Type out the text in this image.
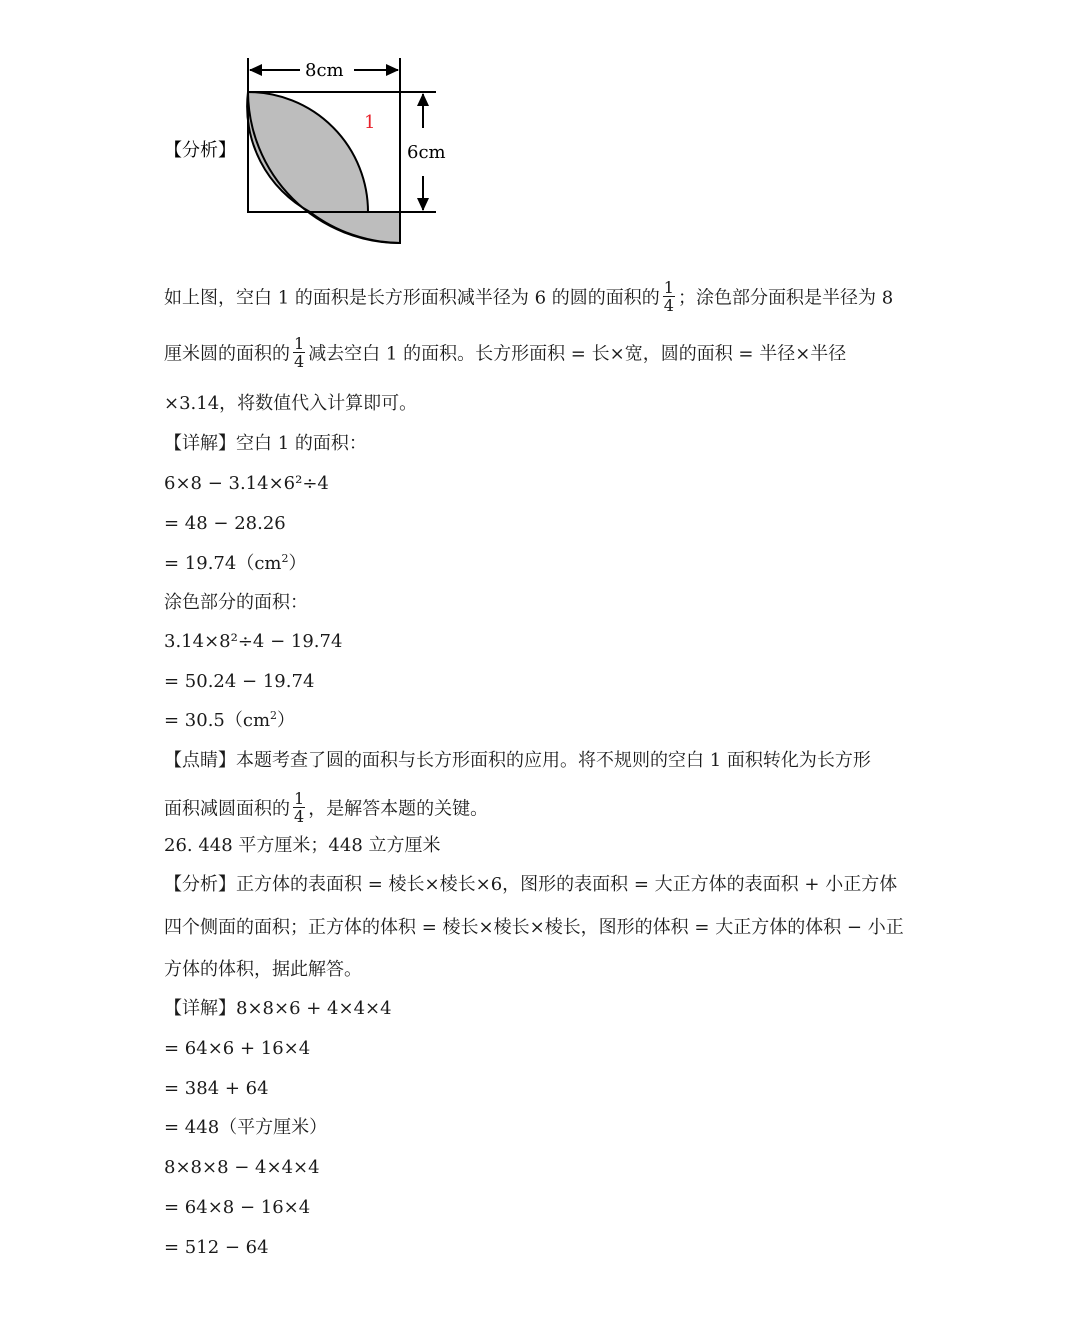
【分析】
8cm
6cm
1
如上图，空白 1 的面积是长方形面积减半径为 6 的圆的面积的 $\frac{1}{4}$ ；涂色部分面积是半径为 8
厘米圆的面积的 $\frac{1}{4}$ 减去空白 1 的面积。长方形面积 = 长×宽，圆的面积 = 半径×半径
×3.14，将数值代入计算即可。
【详解】空白 1 的面积：
6×8 − 3.14×6²÷4
= 48 − 28.26
= $19.74(cm^2)$
涂色部分的面积：
3.14×8²÷4 − 19.74
= 50.24 − 19.74
= $30.5(cm^2)$
【点睛】本题考查了圆的面积与长方形面积的应用。将不规则的空白 1 面积转化为长方形
面积减圆面积的 $\frac{1}{4}$ ，是解答本题的关键。
26. 448 平方厘米；448 立方厘米
【分析】正方体的表面积 = 棱长×棱长×6，图形的表面积 = 大正方体的表面积 + 小正方体
四个侧面的面积；正方体的体积 = 棱长×棱长×棱长，图形的体积 = 大正方体的体积 − 小正
方体的体积，据此解答。
【详解】8×8×6 + 4×4×4
= 64×6 + 16×4
= 384 + 64
= 448（平方厘米）
8×8×8 − 4×4×4
= 64×8 − 16×4
= 512 − 64
